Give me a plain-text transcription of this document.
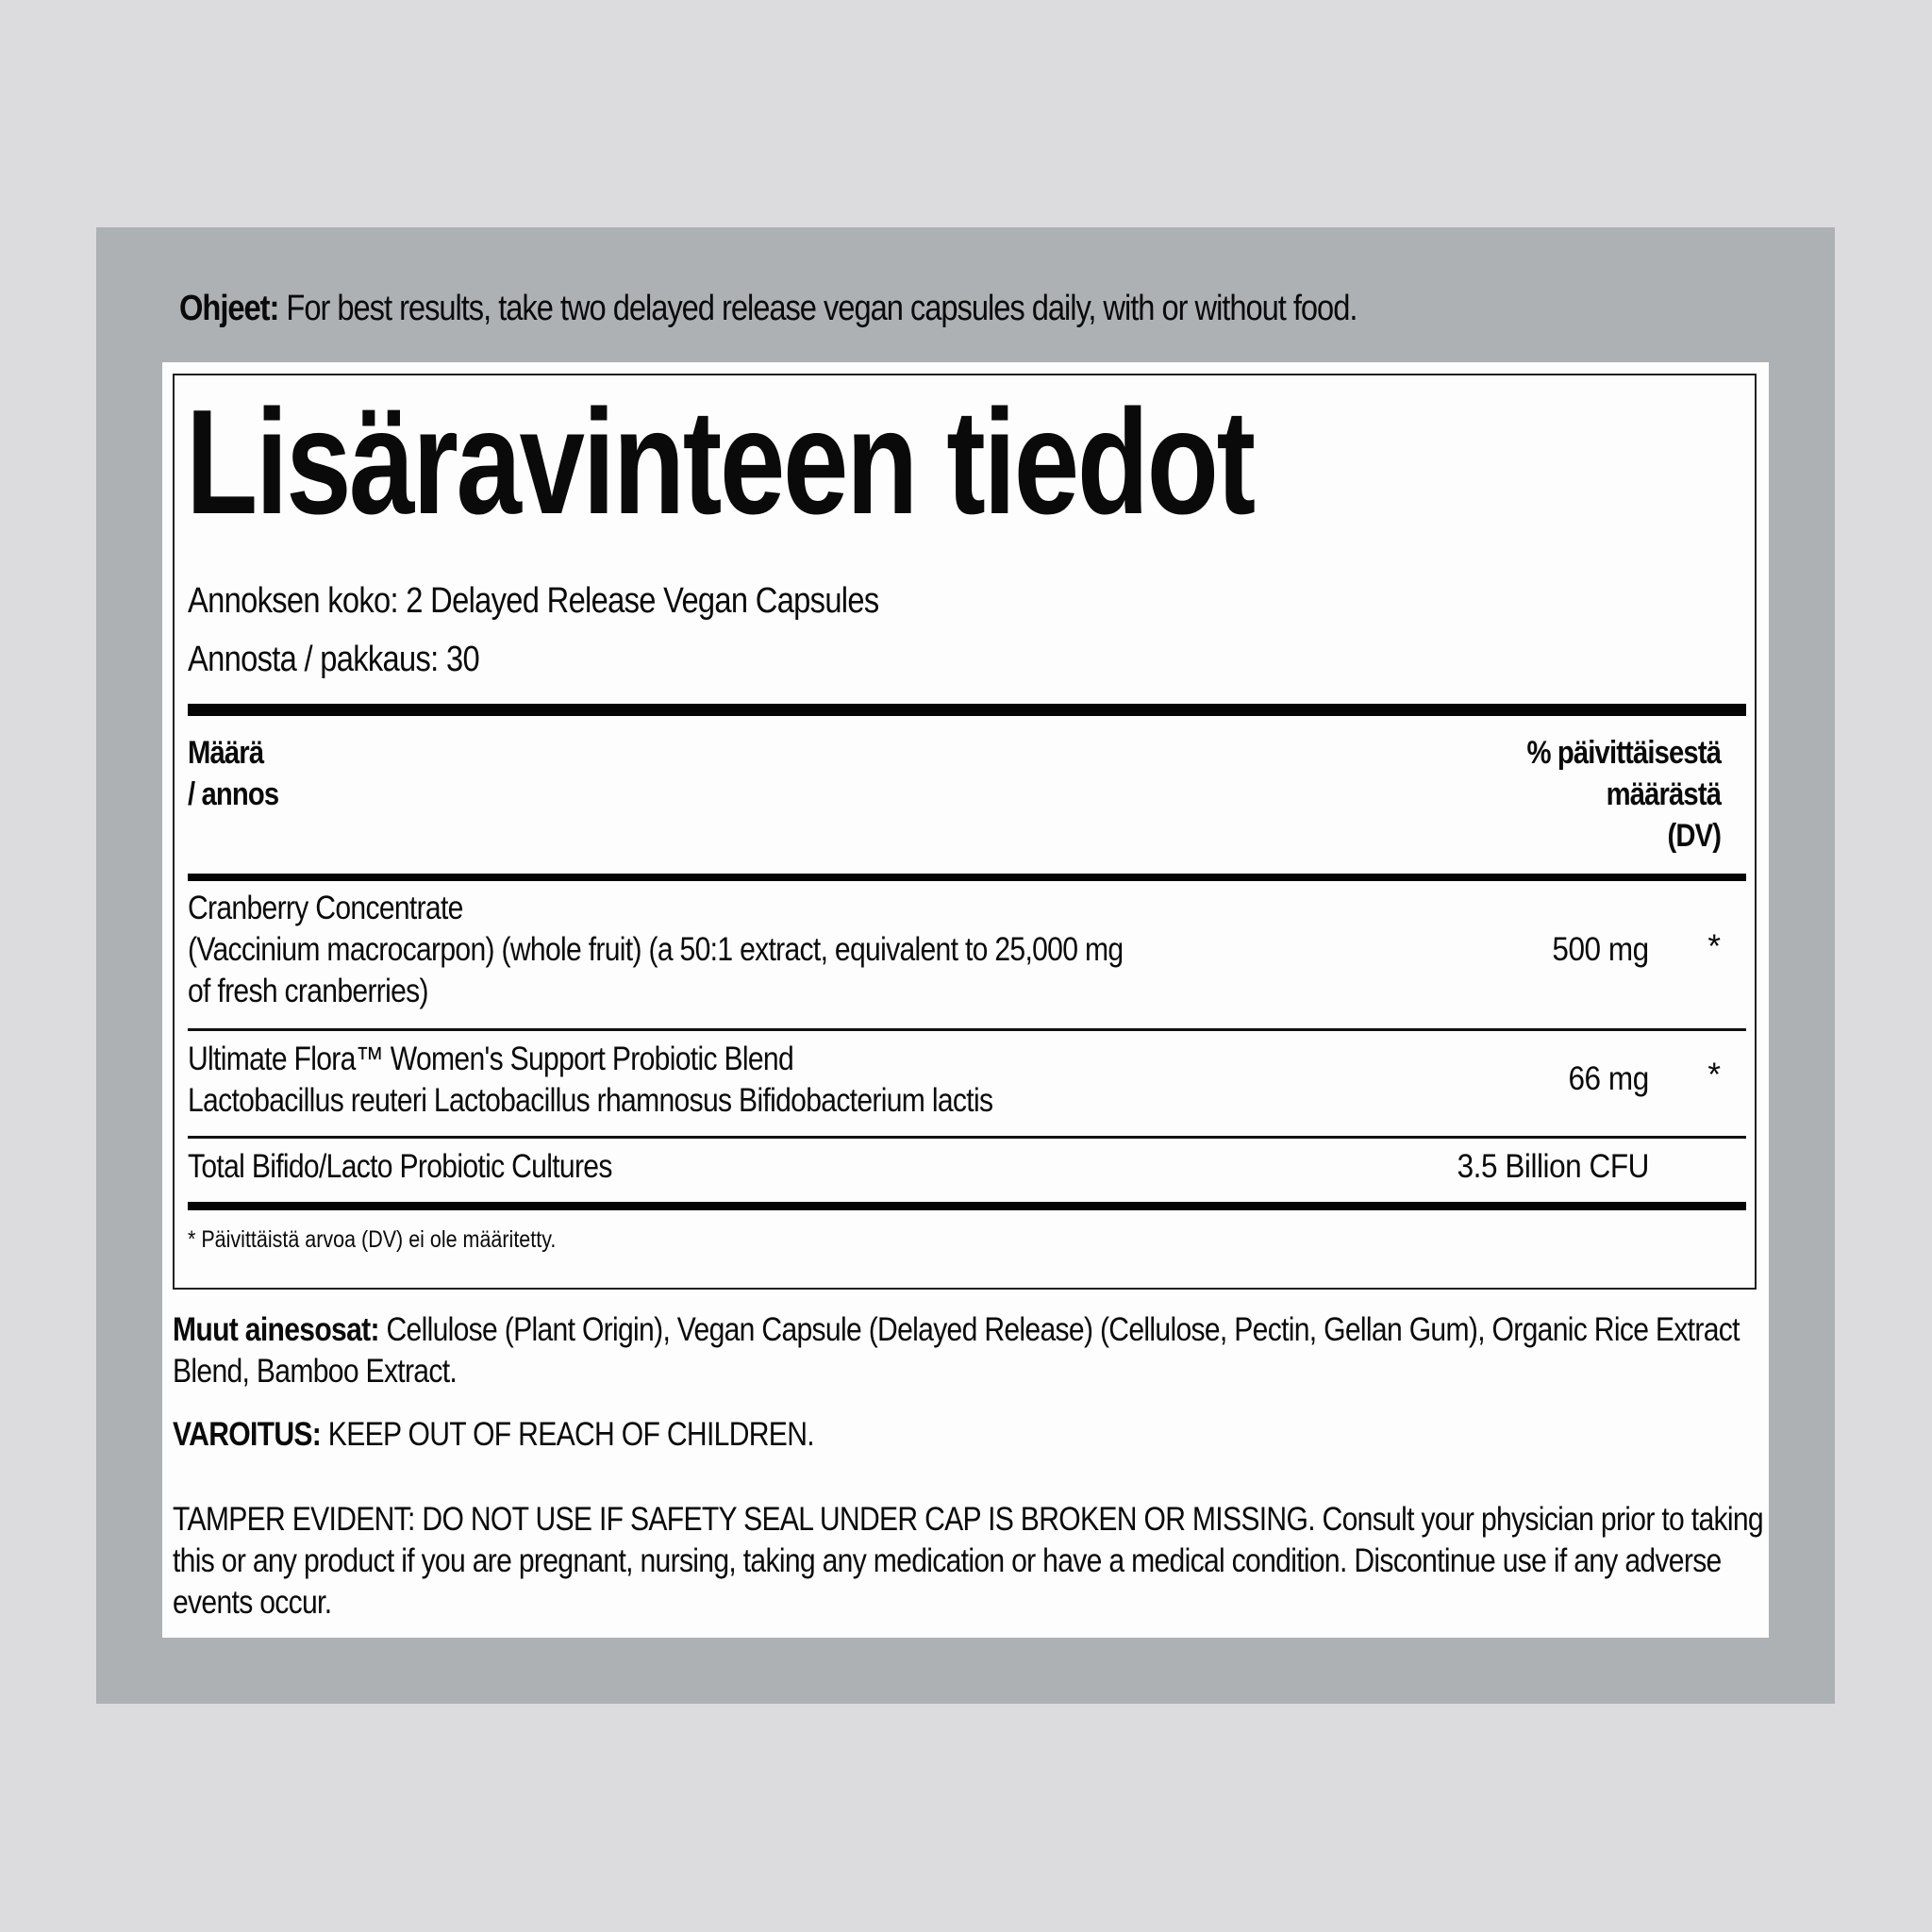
Ohjeet: For best results, take two delayed release vegan capsules daily, with or without food.
Lisäravinteen tiedot
Annoksen koko: 2 Delayed Release Vegan Capsules
Annosta / pakkaus: 30
Määrä
/ annos
% päivittäisestä
määrästä
(DV)
Cranberry Concentrate
(Vaccinium macrocarpon) (whole fruit) (a 50:1 extract, equivalent to 25,000 mg
of fresh cranberries)
500 mg *
Ultimate Flora™ Women's Support Probiotic Blend
Lactobacillus reuteri Lactobacillus rhamnosus Bifidobacterium lactis
66 mg *
Total Bifido/Lacto Probiotic Cultures	3.5 Billion CFU
* Päivittäistä arvoa (DV) ei ole määritetty.
Muut ainesosat: Cellulose (Plant Origin), Vegan Capsule (Delayed Release) (Cellulose, Pectin, Gellan Gum), Organic Rice Extract Blend, Bamboo Extract.
VAROITUS: KEEP OUT OF REACH OF CHILDREN.
TAMPER EVIDENT: DO NOT USE IF SAFETY SEAL UNDER CAP IS BROKEN OR MISSING. Consult your physician prior to taking this or any product if you are pregnant, nursing, taking any medication or have a medical condition. Discontinue use if any adverse events occur.
